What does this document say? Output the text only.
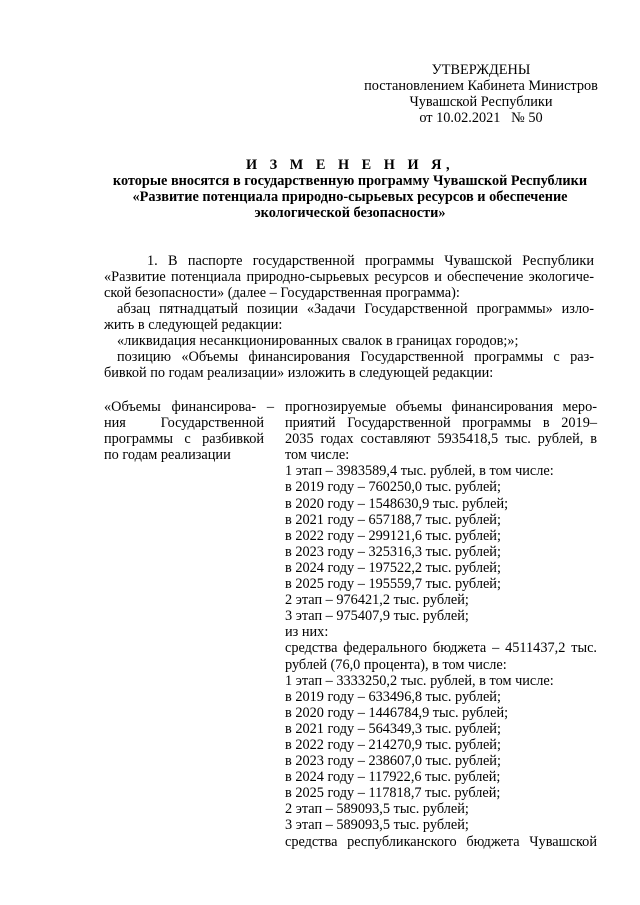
УТВЕРЖДЕНЫ
постановлением Кабинета Министров
Чувашской Республики
от 10.02.2021   № 50
И З М Е Н Е Н И Я,
которые вносятся в государственную программу Чувашской Республики
«Развитие потенциала природно-сырьевых ресурсов и обеспечение
экологической безопасности»
1. В паспорте государственной программы Чувашской Республики
«Развитие потенциала природно-сырьевых ресурсов и обеспечение экологиче-
ской безопасности» (далее – Государственная программа):
абзац пятнадцатый позиции «Задачи Государственной программы» изло-
жить в следующей редакции:
«ликвидация несанкционированных свалок в границах городов;»;
позицию «Объемы финансирования Государственной программы с раз-
бивкой по годам реализации» изложить в следующей редакции:
«Объемы финансирова- –
ния Государственной
программы с разбивкой
по годам реализации
прогнозируемые объемы финансирования меро-
приятий Государственной программы в 2019–
2035 годах составляют 5935418,5 тыс. рублей, в
том числе:
1 этап – 3983589,4 тыс. рублей, в том числе:
в 2019 году – 760250,0 тыс. рублей;
в 2020 году – 1548630,9 тыс. рублей;
в 2021 году – 657188,7 тыс. рублей;
в 2022 году – 299121,6 тыс. рублей;
в 2023 году – 325316,3 тыс. рублей;
в 2024 году – 197522,2 тыс. рублей;
в 2025 году – 195559,7 тыс. рублей;
2 этап – 976421,2 тыс. рублей;
3 этап – 975407,9 тыс. рублей;
из них:
средства федерального бюджета – 4511437,2 тыс.
рублей (76,0 процента), в том числе:
1 этап – 3333250,2 тыс. рублей, в том числе:
в 2019 году – 633496,8 тыс. рублей;
в 2020 году – 1446784,9 тыс. рублей;
в 2021 году – 564349,3 тыс. рублей;
в 2022 году – 214270,9 тыс. рублей;
в 2023 году – 238607,0 тыс. рублей;
в 2024 году – 117922,6 тыс. рублей;
в 2025 году – 117818,7 тыс. рублей;
2 этап – 589093,5 тыс. рублей;
3 этап – 589093,5 тыс. рублей;
средства республиканского бюджета Чувашской
